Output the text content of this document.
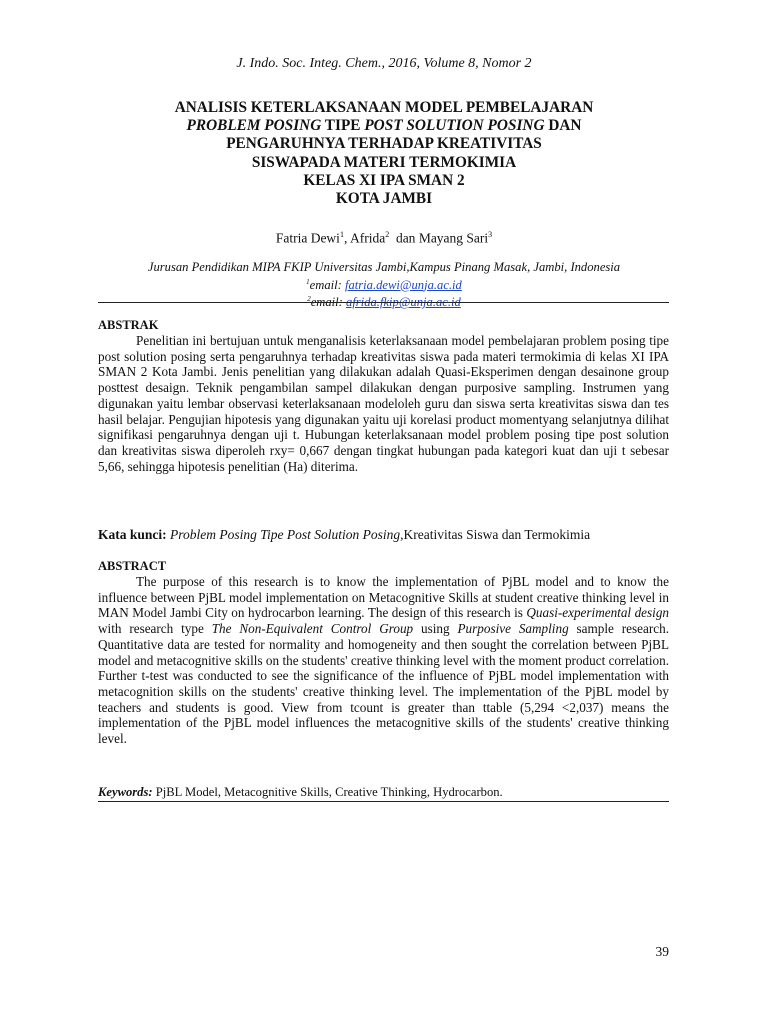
J. Indo. Soc. Integ. Chem., 2016, Volume 8, Nomor 2
ANALISIS KETERLAKSANAAN MODEL PEMBELAJARAN
PROBLEM POSING TIPE POST SOLUTION POSING DAN
PENGARUHNYA TERHADAP KREATIVITAS
SISWAPADA MATERI TERMOKIMIA
KELAS XI IPA SMAN 2
KOTA JAMBI
Fatria Dewi$^1$, Afrida$^2$  dan Mayang Sari$^3$
Jurusan Pendidikan MIPA FKIP Universitas Jambi,Kampus Pinang Masak, Jambi, Indonesia
$^1$email: fatria.dewi@unja.ac.id
$^2$email: afrida.fkip@unja.ac.id
ABSTRAK

Penelitian ini bertujuan untuk menganalisis keterlaksanaan model pembelajaran problem posing tipe post solution posing serta pengaruhnya terhadap kreativitas siswa pada materi termokimia di kelas XI IPA SMAN 2 Kota Jambi. Jenis penelitian yang dilakukan adalah Quasi-Eksperimen dengan desainone group posttest desaign. Teknik pengambilan sampel dilakukan dengan purposive sampling. Instrumen yang digunakan yaitu lembar observasi keterlaksanaan modeloleh guru dan siswa serta kreativitas siswa dan tes hasil belajar. Pengujian hipotesis yang digunakan yaitu uji korelasi product momentyang selanjutnya dilihat signifikasi pengaruhnya dengan uji t. Hubungan keterlaksanaan model problem posing tipe post solution dan kreativitas siswa diperoleh rxy= 0,667 dengan tingkat hubungan pada kategori kuat dan uji t sebesar 5,66, sehingga hipotesis penelitian (Ha) diterima.

Kata kunci: Problem Posing Tipe Post Solution Posing,Kreativitas Siswa dan Termokimia
ABSTRACT

The purpose of this research is to know the implementation of PjBL model and to know the influence between PjBL model implementation on Metacognitive Skills at student creative thinking level in MAN Model Jambi City on hydrocarbon learning. The design of this research is Quasi-experimental design with research type The Non-Equivalent Control Group using Purposive Sampling sample research. Quantitative data are tested for normality and homogeneity and then sought the correlation between PjBL model and metacognitive skills on the students' creative thinking level with the moment product correlation. Further t-test was conducted to see the significance of the influence of PjBL model implementation with metacognition skills on the students' creative thinking level. The implementation of the PjBL model by teachers and students is good. View from tcount is greater than ttable (5,294 <2,037) means the implementation of the PjBL model influences the metacognitive skills of the students' creative thinking level.

Keywords: PjBL Model, Metacognitive Skills, Creative Thinking, Hydrocarbon.
39
